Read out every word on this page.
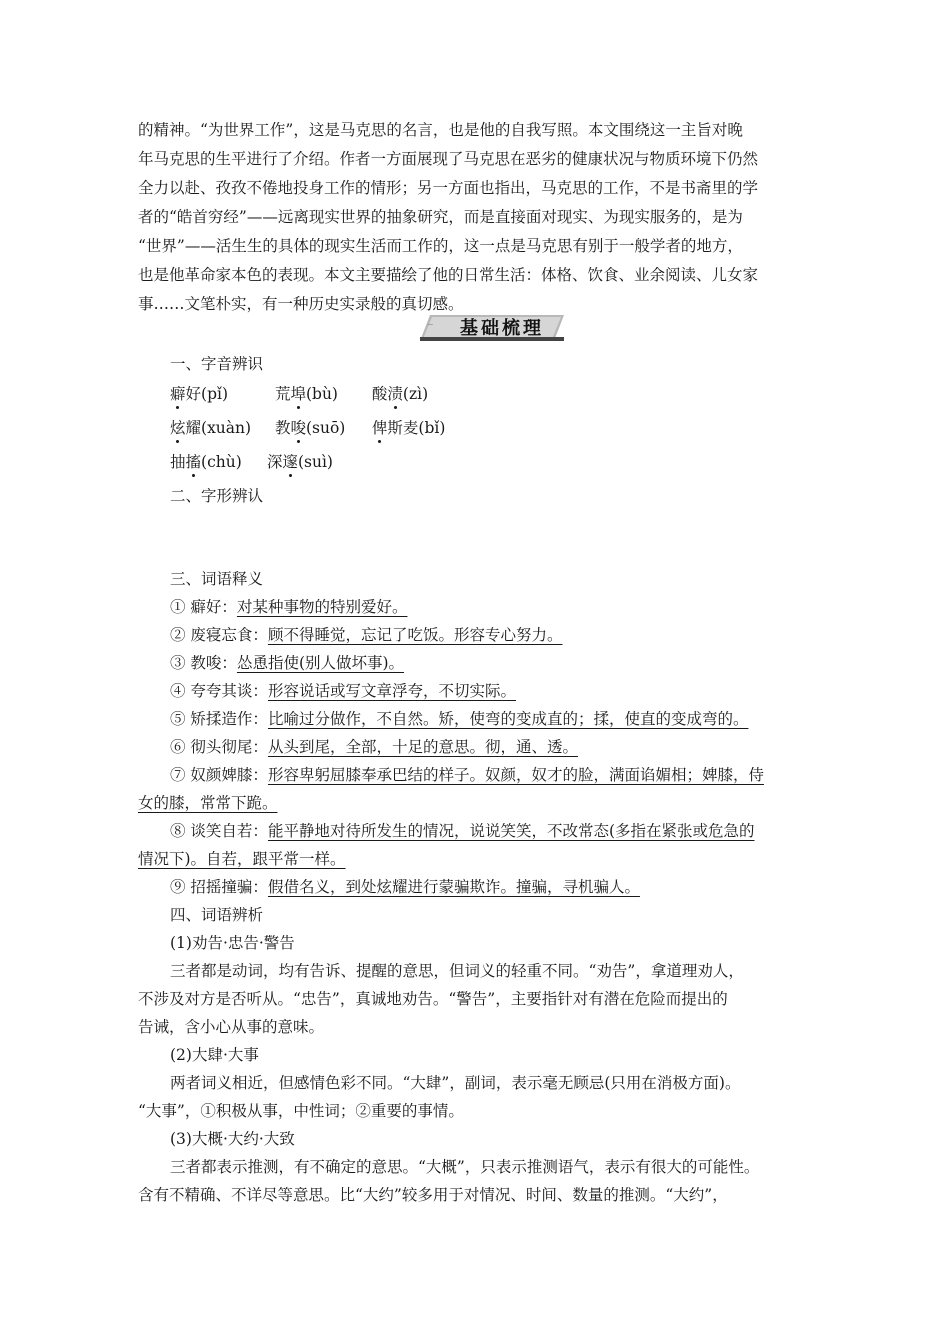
的精神。“为世界工作”，这是马克思的名言，也是他的自我写照。本文围绕这一主旨对晚
年马克思的生平进行了介绍。作者一方面展现了马克思在恶劣的健康状况与物质环境下仍然
全力以赴、孜孜不倦地投身工作的情形；另一方面也指出，马克思的工作，不是书斋里的学
者的“皓首穷经”——远离现实世界的抽象研究，而是直接面对现实、为现实服务的，是为
“世界”——活生生的具体的现实生活而工作的，这一点是马克思有别于一般学者的地方，
也是他革命家本色的表现。本文主要描绘了他的日常生活：体格、饮食、业余阅读、儿女家
事……文笔朴实，有一种历史实录般的真切感。
~	基础梳理
一、字音辨识
癖好(pǐ)	荒埠(bù) 酸渍(zì)
炫耀(xuàn) 教唆(suō) 俾斯麦(bǐ)
抽搐(chù) 深邃(suì)
二、字形辨认
三、词语释义
① 癖好：对某种事物的特别爱好。
② 废寝忘食：顾不得睡觉，忘记了吃饭。形容专心努力。
③ 教唆：怂恿指使(别人做坏事)。
④ 夸夸其谈：形容说话或写文章浮夸，不切实际。
⑤ 矫揉造作：比喻过分做作，不自然。矫，使弯的变成直的；揉，使直的变成弯的。
⑥ 彻头彻尾：从头到尾，全部，十足的意思。彻，通、透。
⑦ 奴颜婢膝：形容卑躬屈膝奉承巴结的样子。奴颜，奴才的脸，满面谄媚相；婢膝，侍
女的膝，常常下跪。
⑧ 谈笑自若：能平静地对待所发生的情况，说说笑笑，不改常态(多指在紧张或危急的
情况下)。自若，跟平常一样。
⑨ 招摇撞骗：假借名义，到处炫耀进行蒙骗欺诈。撞骗，寻机骗人。
四、词语辨析
(1)劝告·忠告·警告
三者都是动词，均有告诉、提醒的意思，但词义的轻重不同。“劝告”，拿道理劝人，
不涉及对方是否听从。“忠告”，真诚地劝告。“警告”，主要指针对有潜在危险而提出的
告诫，含小心从事的意味。
(2)大肆·大事
两者词义相近，但感情色彩不同。“大肆”，副词，表示毫无顾忌(只用在消极方面)。
“大事”，①积极从事，中性词；②重要的事情。
(3)大概·大约·大致
三者都表示推测，有不确定的意思。“大概”，只表示推测语气，表示有很大的可能性。
含有不精确、不详尽等意思。比“大约”较多用于对情况、时间、数量的推测。“大约”，
